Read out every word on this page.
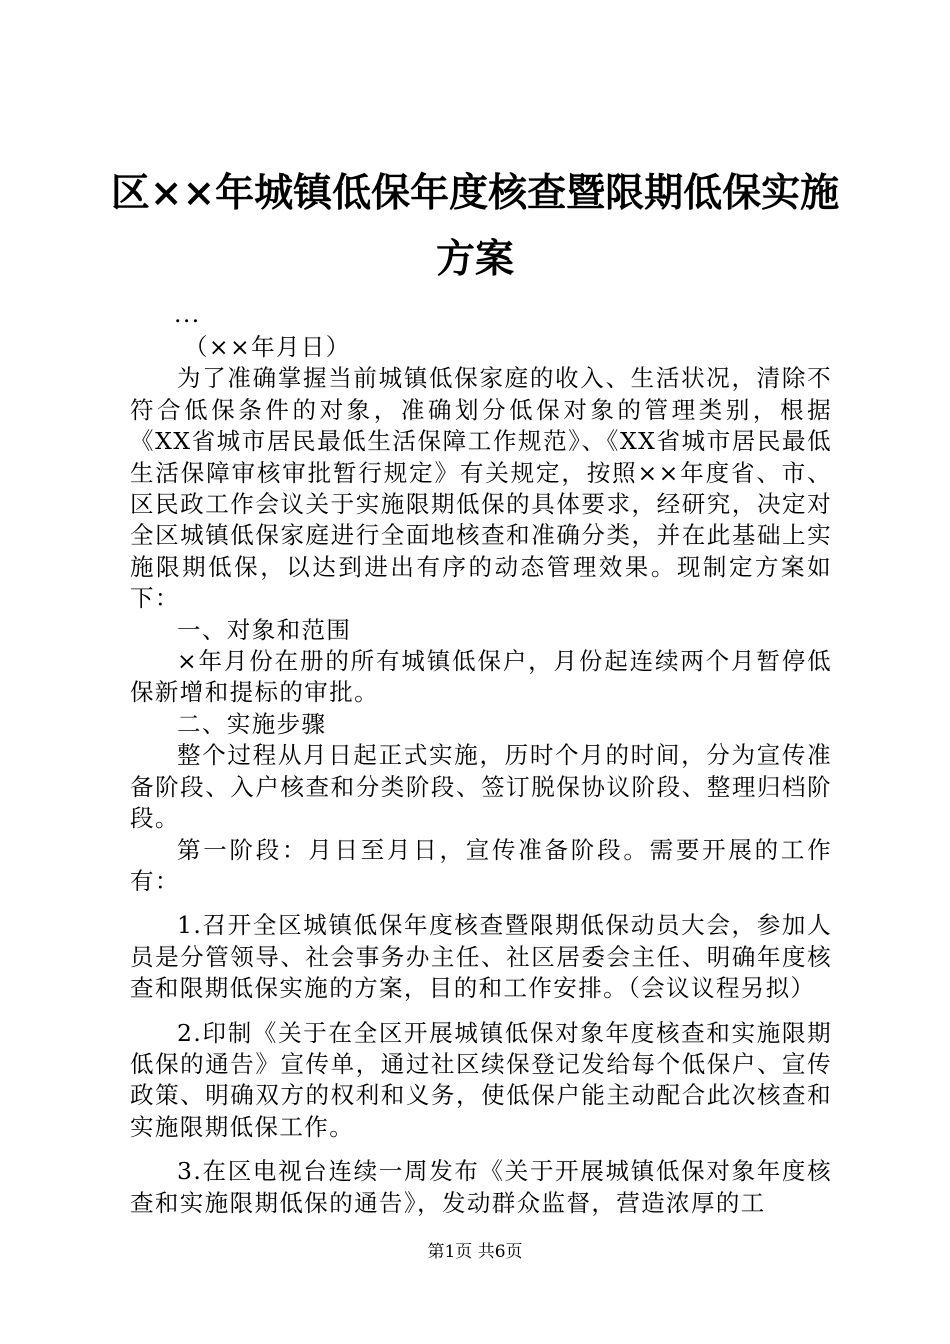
区××年城镇低保年度核查暨限期低保实施方案

...

（××年月日）

为了准确掌握当前城镇低保家庭的收入、生活状况，清除不符合低保条件的对象，准确划分低保对象的管理类别，根据《XX省城市居民最低生活保障工作规范》、《XX省城市居民最低生活保障审核审批暂行规定》有关规定，按照××年度省、市、区民政工作会议关于实施限期低保的具体要求，经研究，决定对全区城镇低保家庭进行全面地核查和准确分类，并在此基础上实施限期低保，以达到进出有序的动态管理效果。现制定方案如下：

一、对象和范围

×年月份在册的所有城镇低保户，月份起连续两个月暂停低保新增和提标的审批。

二、实施步骤

整个过程从月日起正式实施，历时个月的时间，分为宣传准备阶段、入户核查和分类阶段、签订脱保协议阶段、整理归档阶段。

第一阶段：月日至月日，宣传准备阶段。需要开展的工作有：

1.召开全区城镇低保年度核查暨限期低保动员大会，参加人员是分管领导、社会事务办主任、社区居委会主任、明确年度核查和限期低保实施的方案，目的和工作安排。（会议议程另拟）

2.印制《关于在全区开展城镇低保对象年度核查和实施限期低保的通告》宣传单，通过社区续保登记发给每个低保户、宣传政策、明确双方的权利和义务，使低保户能主动配合此次核查和实施限期低保工作。

3.在区电视台连续一周发布《关于开展城镇低保对象年度核查和实施限期低保的通告》，发动群众监督，营造浓厚的工

第1页 共6页
